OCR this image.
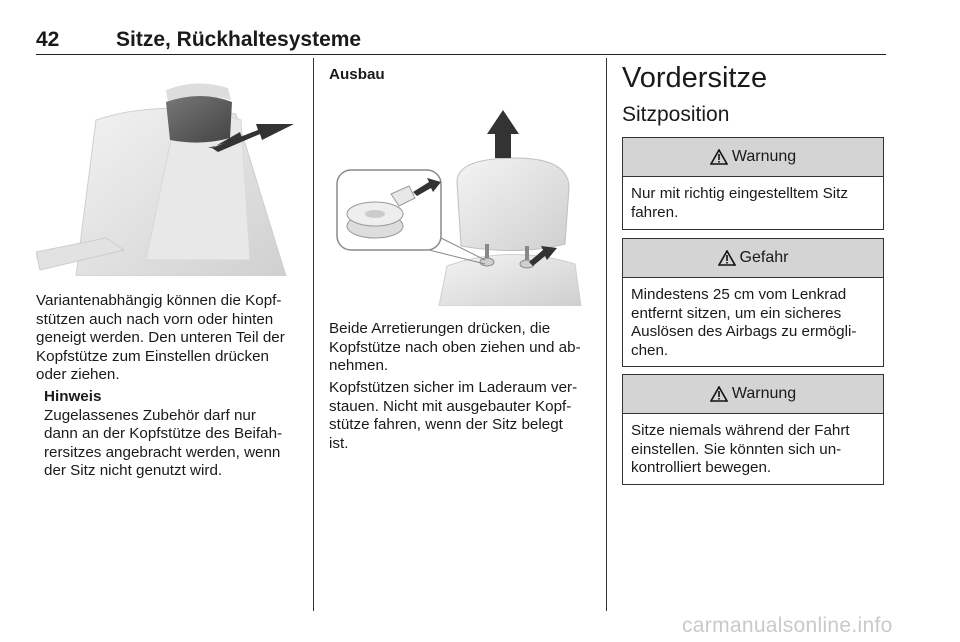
42	Sitze, Rückhaltesysteme

Variantenabhängig können die Kopf-
stützen auch nach vorn oder hinten
geneigt werden. Den unteren Teil der
Kopfstütze zum Einstellen drücken
oder ziehen.

Hinweis
Zugelassenes Zubehör darf nur
dann an der Kopfstütze des Beifah-
rersitzes angebracht werden, wenn
der Sitz nicht genutzt wird.
Ausbau

Beide Arretierungen drücken, die
Kopfstütze nach oben ziehen und ab-
nehmen.

Kopfstützen sicher im Laderaum ver-
stauen. Nicht mit ausgebauter Kopf-
stütze fahren, wenn der Sitz belegt
ist.

Vordersitze
Sitzposition
Warnung
Nur mit richtig eingestelltem Sitz
fahren.
Gefahr
Mindestens 25 cm vom Lenkrad
entfernt sitzen, um ein sicheres
Auslösen des Airbags zu ermögli-
chen.
Warnung
Sitze niemals während der Fahrt
einstellen. Sie könnten sich un-
kontrolliert bewegen.
carmanualsonline.info
